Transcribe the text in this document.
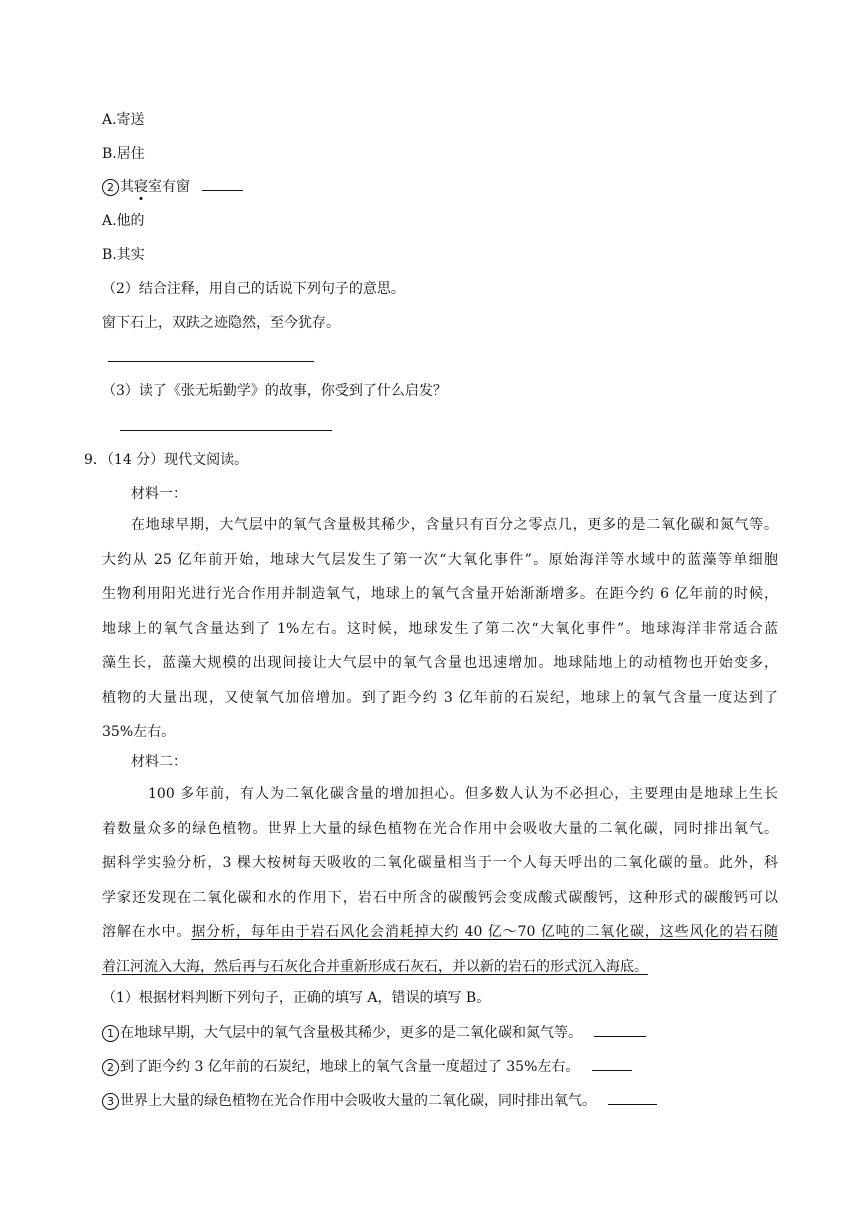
A.寄送
B.居住
2 其寝室有窗
A.他的
B.其实
（2）结合注释，用自己的话说下列句子的意思。
窗下石上，双趺之迹隐然，至今犹存。
（3）读了《张无垢勤学》的故事，你受到了什么启发？
9．（14 分）现代文阅读。
材料一：
在地球早期，大气层中的氧气含量极其稀少，含量只有百分之零点几，更多的是二氧化碳和氮气等。
大约从 25 亿年前开始，地球大气层发生了第一次“大氧化事件”。原始海洋等水域中的蓝藻等单细胞
生物利用阳光进行光合作用并制造氧气，地球上的氧气含量开始渐渐增多。在距今约 6 亿年前的时候，
地球上的氧气含量达到了 1%左右。这时候，地球发生了第二次“大氧化事件”。地球海洋非常适合蓝
藻生长，蓝藻大规模的出现间接让大气层中的氧气含量也迅速增加。地球陆地上的动植物也开始变多，
植物的大量出现，又使氧气加倍增加。到了距今约 3 亿年前的石炭纪，地球上的氧气含量一度达到了
35%左右。
材料二：
100 多年前，有人为二氧化碳含量的增加担心。但多数人认为不必担心，主要理由是地球上生长
着数量众多的绿色植物。世界上大量的绿色植物在光合作用中会吸收大量的二氧化碳，同时排出氧气。
据科学实验分析，3 棵大桉树每天吸收的二氧化碳量相当于一个人每天呼出的二氧化碳的量。此外，科
学家还发现在二氧化碳和水的作用下，岩石中所含的碳酸钙会变成酸式碳酸钙，这种形式的碳酸钙可以
溶解在水中。据分析，每年由于岩石风化会消耗掉大约 40 亿～70 亿吨的二氧化碳，这些风化的岩石随
着江河流入大海，然后再与石灰化合并重新形成石灰石，并以新的岩石的形式沉入海底。
（1）根据材料判断下列句子，正确的填写 A，错误的填写 B。
1 在地球早期，大气层中的氧气含量极其稀少，更多的是二氧化碳和氮气等。
2 到了距今约 3 亿年前的石炭纪，地球上的氧气含量一度超过了 35%左右。
3 世界上大量的绿色植物在光合作用中会吸收大量的二氧化碳，同时排出氧气。
